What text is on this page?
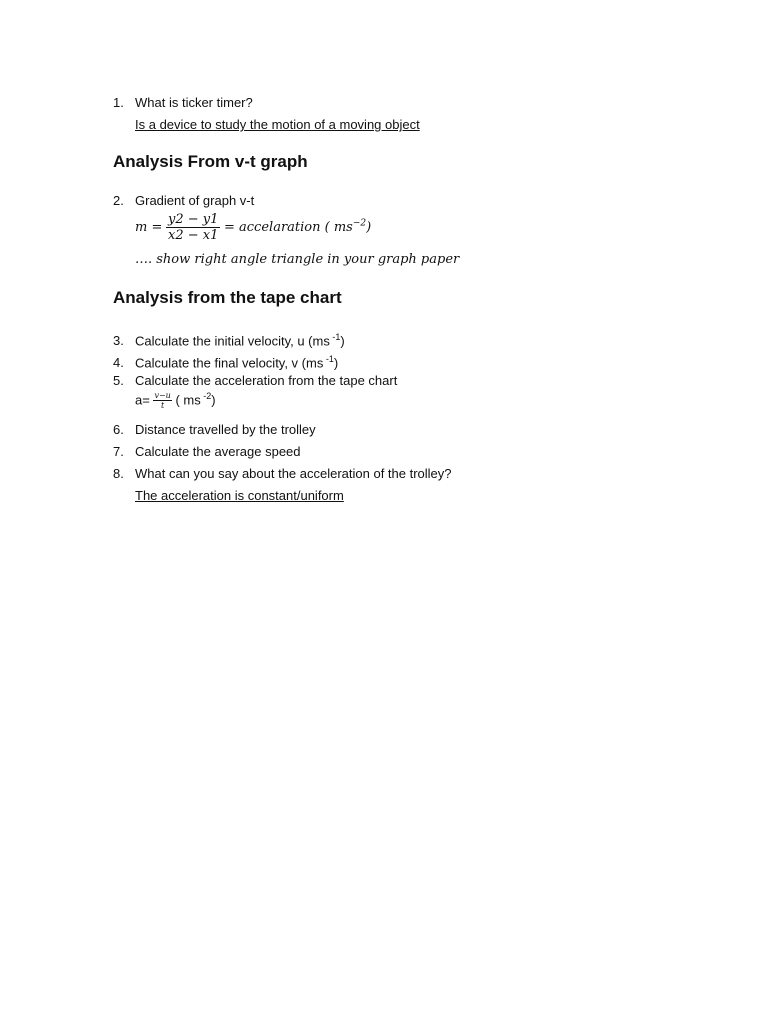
1. What is ticker timer?
Is a device to study the motion of a moving object
Analysis From v-t graph
2. Gradient of graph v-t
$m = \frac{y2 - y1}{x2 - x1}$ = accelaration ( $ms^{-2}$)
…. show right angle triangle in your graph paper
Analysis from the tape chart
3. Calculate the initial velocity, u (ms $^{-1}$)
4. Calculate the final velocity, v (ms $^{-1}$)
5. Calculate the acceleration from the tape chart
$a= \frac{v-u}{t}$ ( ms $^{-2}$)
6. Distance travelled by the trolley
7. Calculate the average speed
8. What can you say about the acceleration of the trolley?
The acceleration is constant/uniform
